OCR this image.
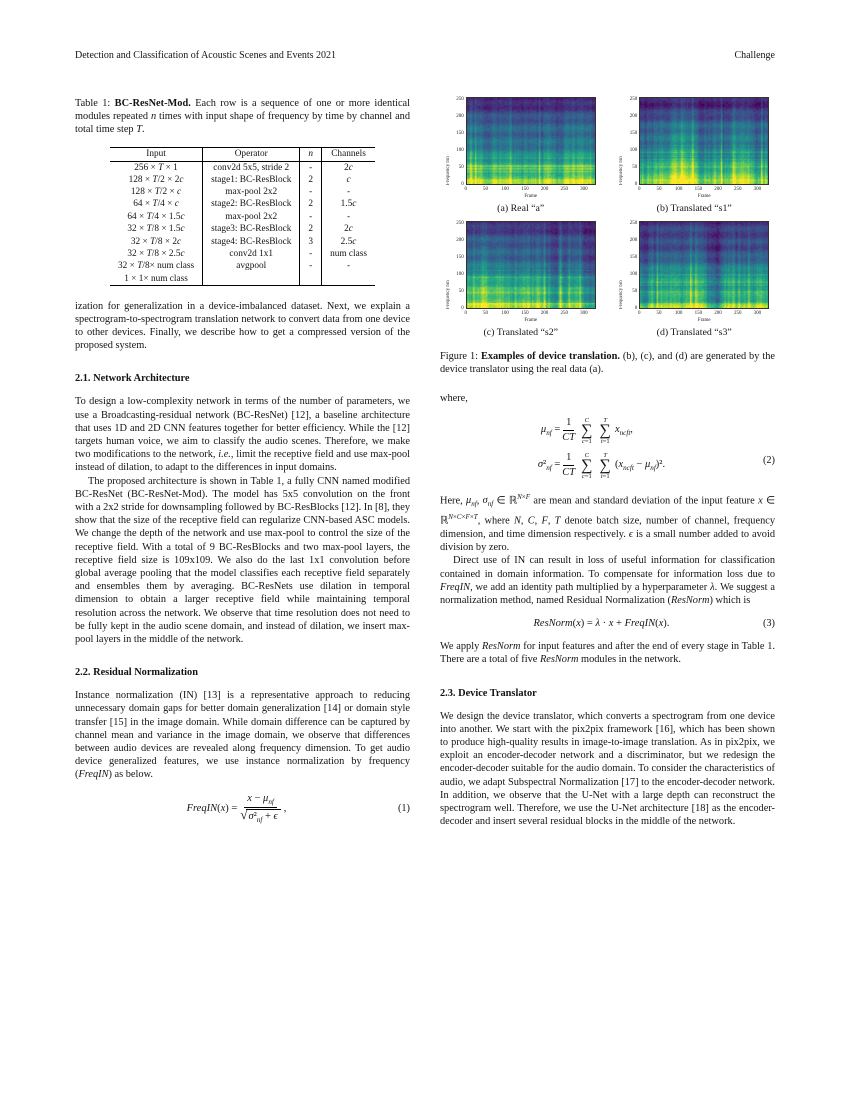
Detection and Classification of Acoustic Scenes and Events 2021	Challenge
Table 1: BC-ResNet-Mod. Each row is a sequence of one or more identical modules repeated n times with input shape of frequency by time by channel and total time step T.
Input	Operator	n	Channels
256 × T × 1	conv2d 5x5, stride 2	-	2c
128 × T/2 × 2c	stage1: BC-ResBlock	2	c
128 × T/2 × c	max-pool 2x2	-	-
64 × T/4 × c	stage2: BC-ResBlock	2	1.5c
64 × T/4 × 1.5c	max-pool 2x2	-	-
32 × T/8 × 1.5c	stage3: BC-ResBlock	2	2c
32 × T/8 × 2c	stage4: BC-ResBlock	3	2.5c
32 × T/8 × 2.5c	conv2d 1x1	-	num class
32 × T/8× num class	avgpool	-	-
1 × 1× num class			

ization for generalization in a device-imbalanced dataset. Next, we explain a spectrogram-to-spectrogram translation network to convert data from one device to other devices. Finally, we describe how to get a compressed version of the proposed system.

2.1. Network Architecture

To design a low-complexity network in terms of the number of parameters, we use a Broadcasting-residual network (BC-ResNet) [12], a baseline architecture that uses 1D and 2D CNN features together for better efficiency. While the [12] targets human voice, we aim to classify the audio scenes. Therefore, we make two modifications to the network, i.e., limit the receptive field and use max-pool instead of dilation, to adapt to the differences in input domains.

The proposed architecture is shown in Table 1, a fully CNN named modified BC-ResNet (BC-ResNet-Mod). The model has 5x5 convolution on the front with a 2x2 stride for downsampling followed by BC-ResBlocks [12]. In [8], they show that the size of the receptive field can regularize CNN-based ASC models. We change the depth of the network and use max-pool to control the size of the receptive field. With a total of 9 BC-ResBlocks and two max-pool layers, the receptive field size is 109x109. We also do the last 1x1 convolution before global average pooling that the model classifies each receptive field separately and ensembles them by averaging. BC-ResNets use dilation in temporal dimension to obtain a larger receptive field while maintaining temporal resolution across the network. We observe that time resolution does not need to be fully kept in the audio scene domain, and instead of dilation, we insert max-pool layers in the middle of the network.

2.2. Residual Normalization

Instance normalization (IN) [13] is a representative approach to reducing unnecessary domain gaps for better domain generalization [14] or domain style transfer [15] in the image domain. While domain difference can be captured by channel mean and variance in the image domain, we observe that differences between audio devices are revealed along frequency dimension. To get audio device generalized features, we use instance normalization by frequency (FreqIN) as below.

FreqIN(x) = $\frac{x - \mu_{nf}}{√ \sigma^2_{nf} + \epsilon}$ ,	(1)
Frequency bin
250
200
150
100
50
0
0	50	100 150 200 250 300
Frame
(a) Real “a”
Frequency bin
250
200
150
100
50
0
0	50	100 150 200 250 300
Frame
(b) Translated “s1”
Frequency bin
250
200
150
100
50
0
0	50	100 150 200 250 300
Frame
(c) Translated “s2”
Frequency bin
250
200
150
100
50
0
0	50	100 150 200 250 300
Frame
(d) Translated “s3”
Figure 1: Examples of device translation. (b), (c), and (d) are generated by the device translator using the real data (a).

where,

$\mu_{nf} = \frac{1}{CT}$ C
∑
c=1
T
∑
t=1
$x_{ncft}$,
$\sigma^2_{nf} = \frac{1}{CT}$ C
∑
c=1
T
∑
t=1
$(x_{ncft} - \mu_{nf})^2$.	(2)

Here, $\mu_{nf}$, $\sigma_{nf}$ ∈ ℝ$^{N\times F}$ are mean and standard deviation of the input feature x ∈ ℝ$^{N\times C\times F\times T}$, where N, C, F, T denote batch size, number of channel, frequency dimension, and time dimension respectively. ϵ is a small number added to avoid division by zero.

Direct use of IN can result in loss of useful information for classification contained in domain information. To compensate for information loss due to FreqIN, we add an identity path multiplied by a hyperparameter λ. We suggest a normalization method, named Residual Normalization (ResNorm) which is

ResNorm(x) = λ · x + FreqIN(x).	(3)

We apply ResNorm for input features and after the end of every stage in Table 1. There are a total of five ResNorm modules in the network.

2.3. Device Translator

We design the device translator, which converts a spectrogram from one device into another. We start with the pix2pix framework [16], which has been shown to produce high-quality results in image-to-image translation. As in pix2pix, we exploit an encoder-decoder network and a discriminator, but we redesign the encoder-decoder suitable for the audio domain. To consider the characteristics of audio, we adapt Subspectral Normalization [17] to the encoder-decoder network. In addition, we observe that the U-Net with a large depth can reconstruct the spectrogram well. Therefore, we use the U-Net architecture [18] as the encoder-decoder and insert several residual blocks in the middle of the network.
